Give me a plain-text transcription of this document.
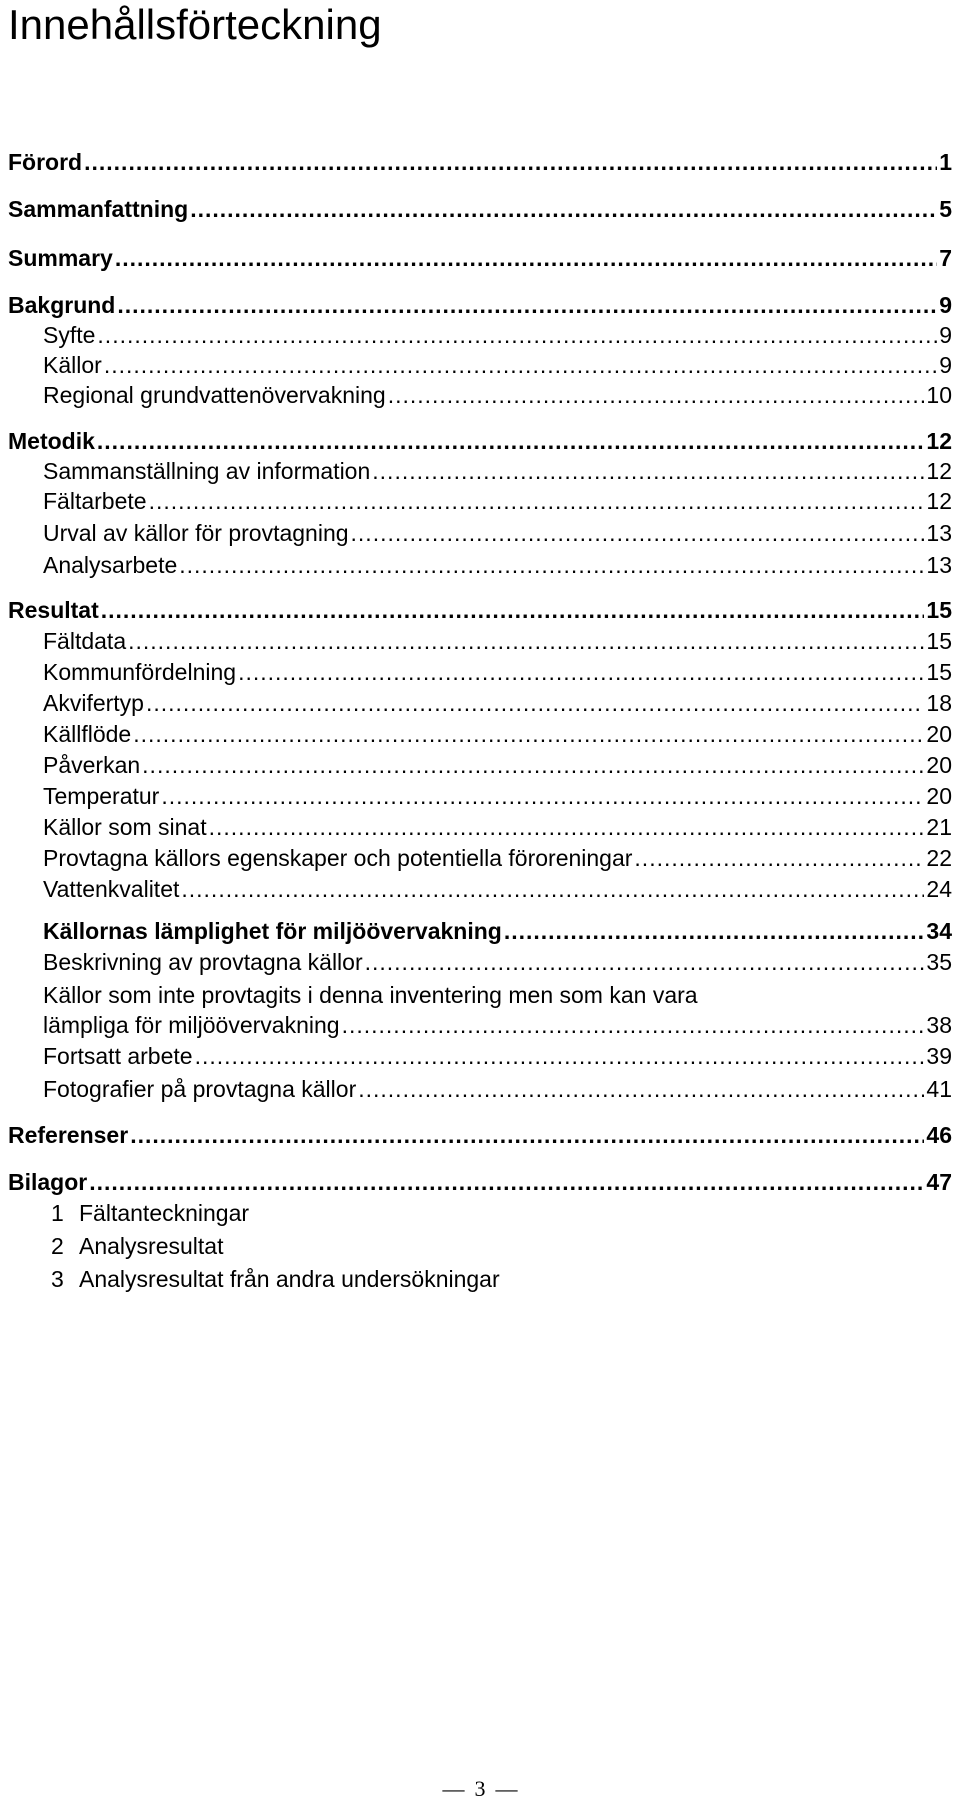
Innehållsförteckning
Förord .....	1
Sammanfattning .....	5
Summary .....	7
Bakgrund .....	9
Syfte .....	9
Källor .....	9
Regional grundvattenövervakning .....	10
Metodik .....	12
Sammanställning av information .....	12
Fältarbete .....	12
Urval av källor för provtagning .....	13
Analysarbete .....	13
Resultat .....	15
Fältdata .....	15
Kommunfördelning .....	15
Akvifertyp .....	18
Källflöde .....	20
Påverkan .....	20
Temperatur .....	20
Källor som sinat .....	21
Provtagna källors egenskaper och potentiella föroreningar .....	22
Vattenkvalitet .....	24
Källornas lämplighet för miljöövervakning .....	34
Beskrivning av provtagna källor .....	35
Källor som inte provtagits i denna inventering men som kan vara
lämpliga för miljöövervakning .....	38
Fortsatt arbete .....	39
Fotografier på provtagna källor .....	41
Referenser .....	46
Bilagor .....	47
1 Fältanteckningar
2 Analysresultat
3 Analysresultat från andra undersökningar
— 3 —
